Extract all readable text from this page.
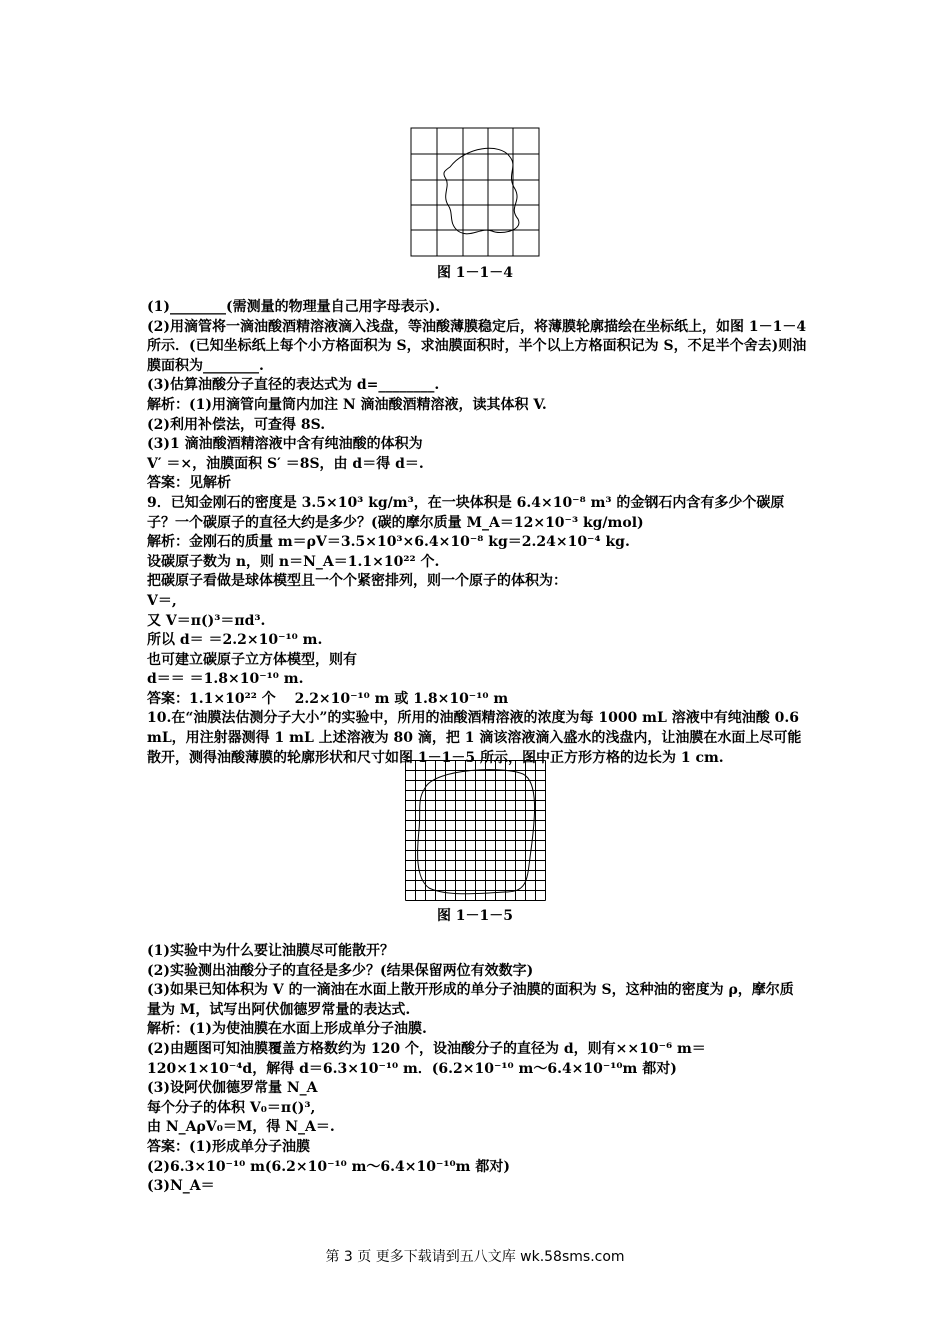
图 1－1－4
(1)________(需测量的物理量自己用字母表示).
(2)用滴管将一滴油酸酒精溶液滴入浅盘，等油酸薄膜稳定后，将薄膜轮廓描绘在坐标纸上，如图 1－1－4 所示．(已知坐标纸上每个小方格面积为 S，求油膜面积时，半个以上方格面积记为 S，不足半个舍去)则油膜面积为________.
(3)估算油酸分子直径的表达式为 d=________.
解析：(1)用滴管向量筒内加注 N 滴油酸酒精溶液，读其体积 V.
(2)利用补偿法，可查得 8S.
(3)1 滴油酸酒精溶液中含有纯油酸的体积为
V′ ＝×，油膜面积 S′ ＝8S，由 d＝得 d＝.
答案：见解析
9．已知金刚石的密度是 3.5×10³ kg/m³，在一块体积是 6.4×10⁻⁸ m³ 的金钢石内含有多少个碳原子？一个碳原子的直径大约是多少？(碳的摩尔质量 M_A＝12×10⁻³ kg/mol)
解析：金刚石的质量 m＝ρV＝3.5×10³×6.4×10⁻⁸ kg＝2.24×10⁻⁴ kg.
设碳原子数为 n，则 n＝N_A＝1.1×10²² 个.
把碳原子看做是球体模型且一个个紧密排列，则一个原子的体积为：
V＝,
又 V＝π()³＝πd³.
所以 d＝ ＝2.2×10⁻¹⁰ m.
也可建立碳原子立方体模型，则有
d＝＝ ＝1.8×10⁻¹⁰ m.
答案：1.1×10²² 个　 2.2×10⁻¹⁰ m 或 1.8×10⁻¹⁰ m
10.在“油膜法估测分子大小”的实验中，所用的油酸酒精溶液的浓度为每 1000 mL 溶液中有纯油酸 0.6 mL，用注射器测得 1 mL 上述溶液为 80 滴，把 1 滴该溶液滴入盛水的浅盘内，让油膜在水面上尽可能散开，测得油酸薄膜的轮廓形状和尺寸如图 1－1－5 所示，图中正方形方格的边长为 1 cm.
图 1－1－5
(1)实验中为什么要让油膜尽可能散开？
(2)实验测出油酸分子的直径是多少？(结果保留两位有效数字)
(3)如果已知体积为 V 的一滴油在水面上散开形成的单分子油膜的面积为 S，这种油的密度为 ρ，摩尔质量为 M，试写出阿伏伽德罗常量的表达式.
解析：(1)为使油膜在水面上形成单分子油膜.
(2)由题图可知油膜覆盖方格数约为 120 个，设油酸分子的直径为 d，则有××10⁻⁶ m＝120×1×10⁻⁴d，解得 d＝6.3×10⁻¹⁰ m．(6.2×10⁻¹⁰ m～6.4×10⁻¹⁰m 都对)
(3)设阿伏伽德罗常量 N_A
每个分子的体积 V₀＝π()³,
由 N_AρV₀＝M，得 N_A＝.
答案：(1)形成单分子油膜
(2)6.3×10⁻¹⁰ m(6.2×10⁻¹⁰ m～6.4×10⁻¹⁰m 都对)
(3)N_A＝
第 3 页 更多下载请到五八文库 wk.58sms.com
